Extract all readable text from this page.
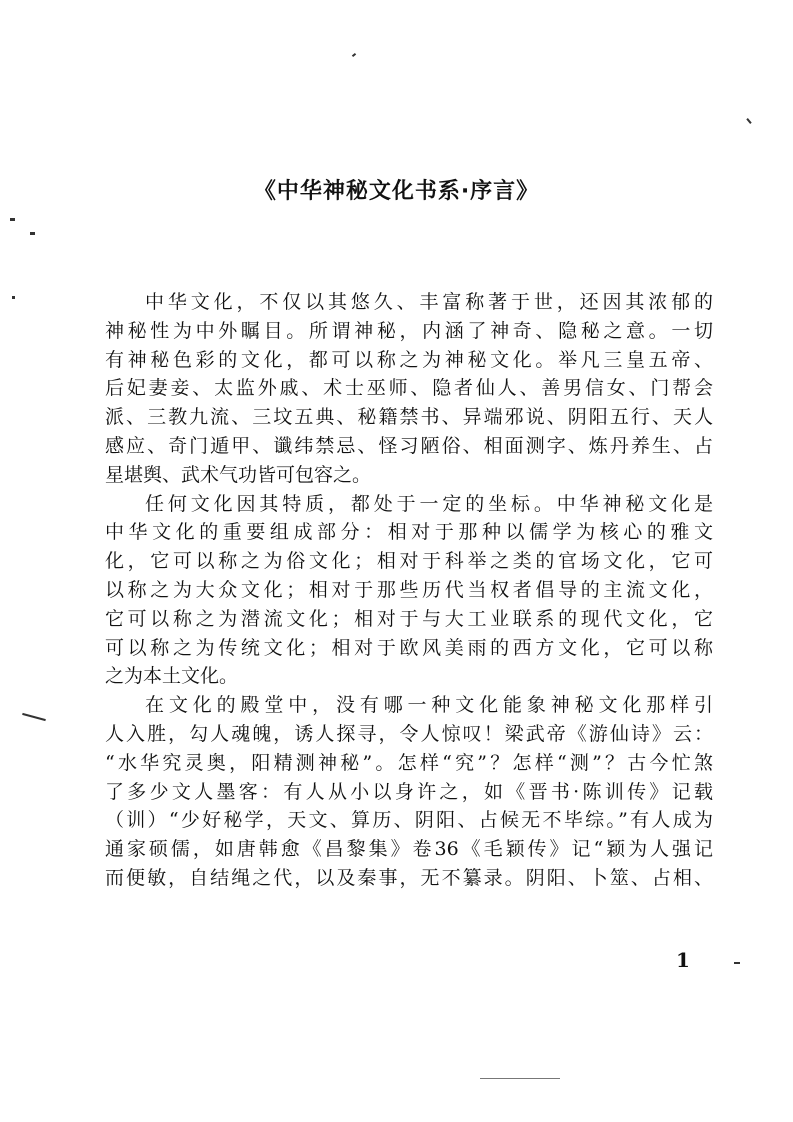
《中华神秘文化书系·序言》
中华文化，不仅以其悠久、丰富称著于世，还因其浓郁的
神秘性为中外瞩目。所谓神秘，内涵了神奇、隐秘之意。一切
有神秘色彩的文化，都可以称之为神秘文化。举凡三皇五帝、
后妃妻妾、太监外戚、术士巫师、隐者仙人、善男信女、门帮会
派、三教九流、三坟五典、秘籍禁书、异端邪说、阴阳五行、天人
感应、奇门遁甲、谶纬禁忌、怪习陋俗、相面测字、炼丹养生、占
星堪舆、武术气功皆可包容之。
任何文化因其特质，都处于一定的坐标。中华神秘文化是
中华文化的重要组成部分：相对于那种以儒学为核心的雅文
化，它可以称之为俗文化；相对于科举之类的官场文化，它可
以称之为大众文化；相对于那些历代当权者倡导的主流文化，
它可以称之为潜流文化；相对于与大工业联系的现代文化，它
可以称之为传统文化；相对于欧风美雨的西方文化，它可以称
之为本土文化。
在文化的殿堂中，没有哪一种文化能象神秘文化那样引
人入胜，勾人魂魄，诱人探寻，令人惊叹！梁武帝《游仙诗》云：
“水华究灵奥，阳精测神秘”。怎样“究”？怎样“测”？古今忙煞
了多少文人墨客：有人从小以身许之，如《晋书·陈训传》记载
（训）“少好秘学，天文、算历、阴阳、占候无不毕综。”有人成为
通家硕儒，如唐韩愈《昌黎集》卷36《毛颖传》记“颖为人强记
而便敏，自结绳之代，以及秦事，无不纂录。阴阳、卜筮、占相、
1
